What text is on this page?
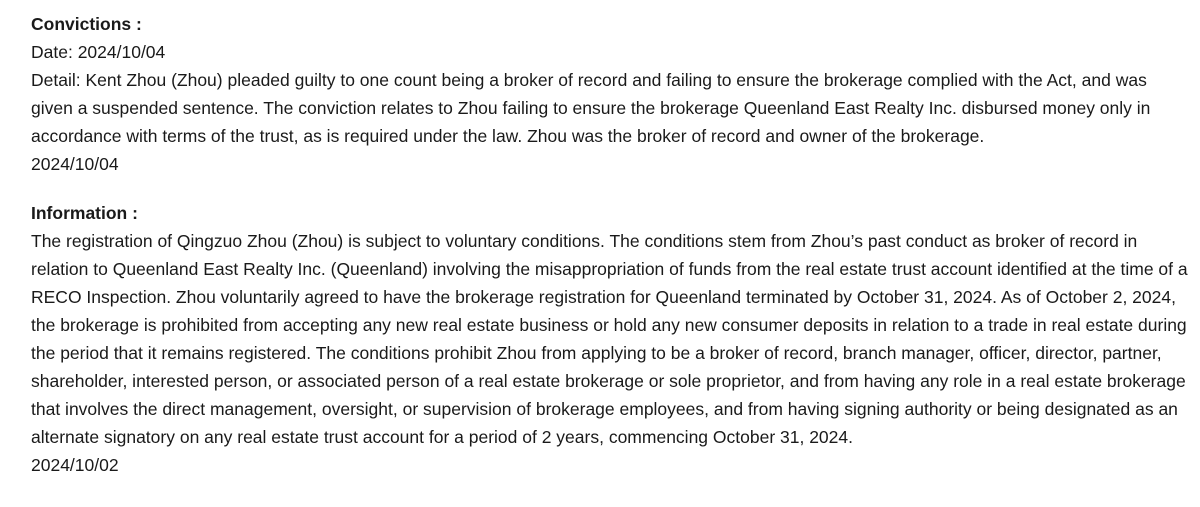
Convictions :
Date: 2024/10/04
Detail: Kent Zhou (Zhou) pleaded guilty to one count being a broker of record and failing to ensure the brokerage complied with the Act, and was given a suspended sentence. The conviction relates to Zhou failing to ensure the brokerage Queenland East Realty Inc. disbursed money only in accordance with terms of the trust, as is required under the law. Zhou was the broker of record and owner of the brokerage.
2024/10/04
Information :
The registration of Qingzuo Zhou (Zhou) is subject to voluntary conditions. The conditions stem from Zhou’s past conduct as broker of record in relation to Queenland East Realty Inc. (Queenland) involving the misappropriation of funds from the real estate trust account identified at the time of a RECO Inspection. Zhou voluntarily agreed to have the brokerage registration for Queenland terminated by October 31, 2024. As of October 2, 2024, the brokerage is prohibited from accepting any new real estate business or hold any new consumer deposits in relation to a trade in real estate during the period that it remains registered. The conditions prohibit Zhou from applying to be a broker of record, branch manager, officer, director, partner, shareholder, interested person, or associated person of a real estate brokerage or sole proprietor, and from having any role in a real estate brokerage that involves the direct management, oversight, or supervision of brokerage employees, and from having signing authority or being designated as an alternate signatory on any real estate trust account for a period of 2 years, commencing October 31, 2024.
2024/10/02
